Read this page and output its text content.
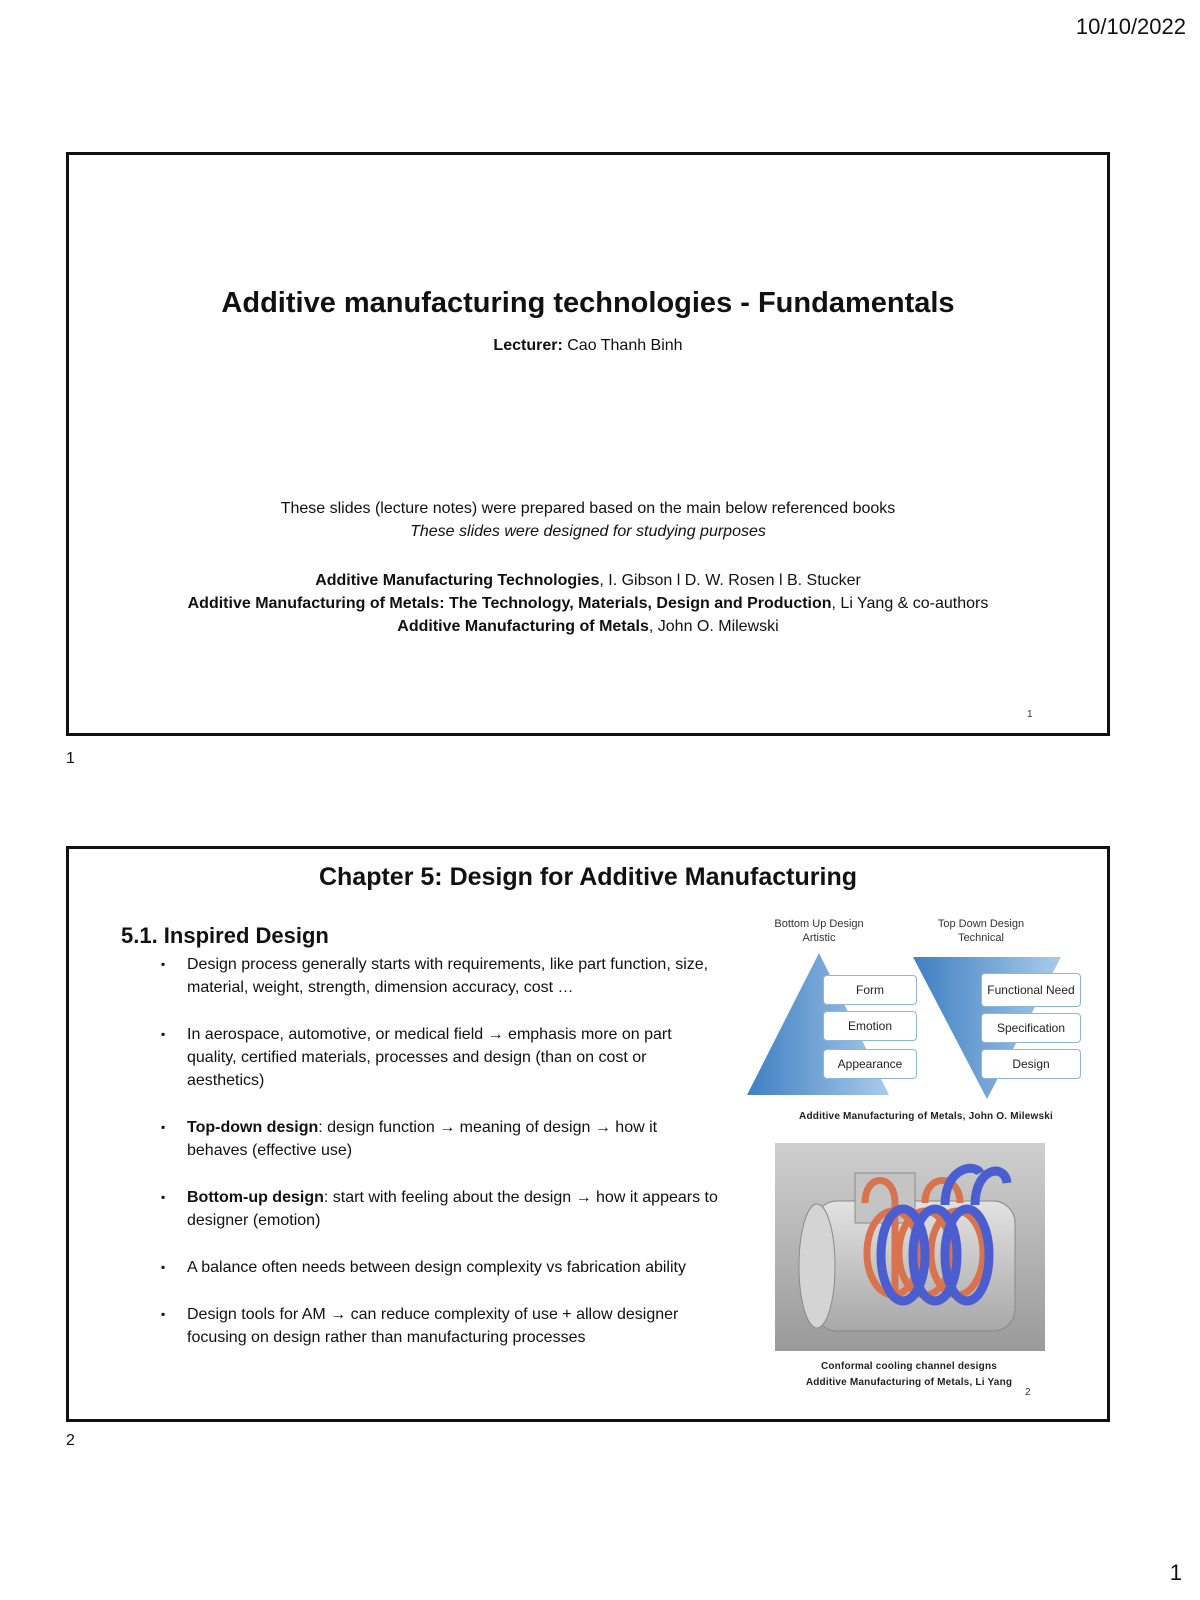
10/10/2022
Additive manufacturing technologies - Fundamentals
Lecturer: Cao Thanh Binh
These slides (lecture notes) were prepared based on the main below referenced books
These slides were designed for studying purposes
Additive Manufacturing Technologies, I. Gibson l D. W. Rosen l B. Stucker
Additive Manufacturing of Metals: The Technology, Materials, Design and Production, Li Yang & co-authors
Additive Manufacturing of Metals, John O. Milewski
1
1
Chapter 5: Design for Additive Manufacturing
5.1. Inspired Design
▪ Design process generally starts with requirements, like part function, size, material, weight, strength, dimension accuracy, cost …
▪ In aerospace, automotive, or medical field → emphasis more on part quality, certified materials, processes and design (than on cost or aesthetics)
▪ Top-down design: design function → meaning of design → how it behaves (effective use)
▪ Bottom-up design: start with feeling about the design → how it appears to designer (emotion)
▪ A balance often needs between design complexity vs fabrication ability
▪ Design tools for AM → can reduce complexity of use + allow designer focusing on design rather than manufacturing processes
Bottom Up Design
Artistic
Top Down Design
Technical
Form
Emotion
Appearance
Functional Need
Specification
Design
Additive Manufacturing of Metals, John O. Milewski
Conformal cooling channel designs
Additive Manufacturing of Metals, Li Yang
2
2
1
